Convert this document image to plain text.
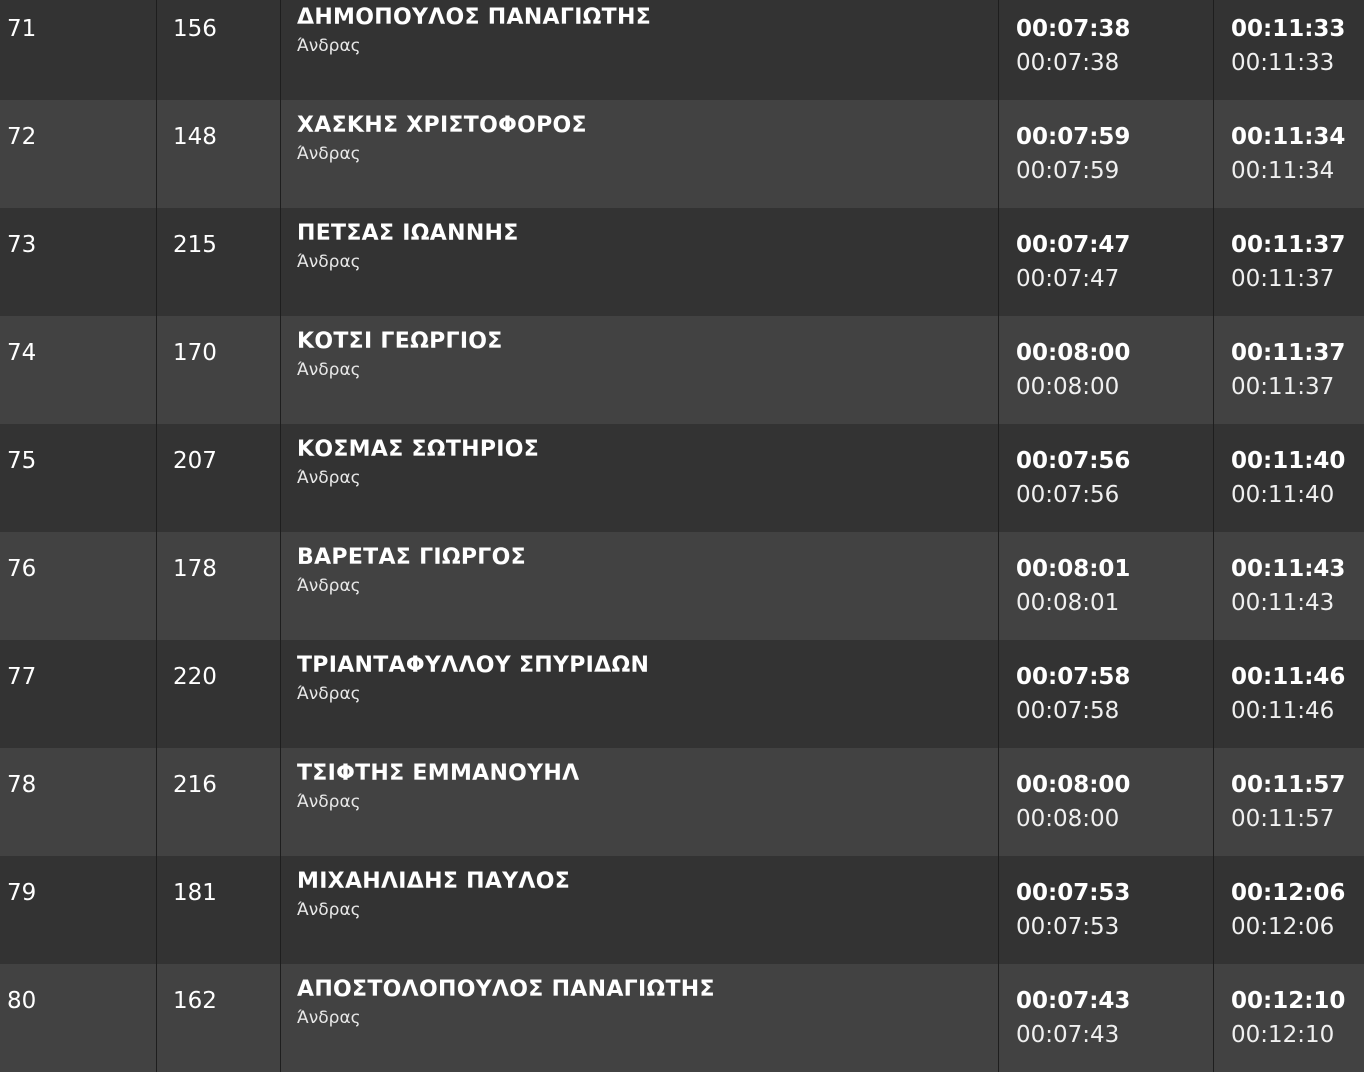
71	156	ΔΗΜΟΠΟΥΛΟΣ ΠΑΝΑΓΙΩΤΗΣ
Άνδρας
00:07:38
00:07:38
00:11:33
00:11:33
72	148	ΧΑΣΚΗΣ ΧΡΙΣΤΟΦΟΡΟΣ
Άνδρας
00:07:59
00:07:59
00:11:34
00:11:34
73	215	ΠΕΤΣΑΣ ΙΩΑΝΝΗΣ
Άνδρας
00:07:47
00:07:47
00:11:37
00:11:37
74	170	ΚΟΤΣΙ ΓΕΩΡΓΙΟΣ
Άνδρας
00:08:00
00:08:00
00:11:37
00:11:37
75	207	ΚΟΣΜΑΣ ΣΩΤΗΡΙΟΣ
Άνδρας
00:07:56
00:07:56
00:11:40
00:11:40
76	178	ΒΑΡΕΤΑΣ ΓΙΩΡΓΟΣ
Άνδρας
00:08:01
00:08:01
00:11:43
00:11:43
77	220	ΤΡΙΑΝΤΑΦΥΛΛΟΥ ΣΠΥΡΙΔΩΝ
Άνδρας
00:07:58
00:07:58
00:11:46
00:11:46
78	216	ΤΣΙΦΤΗΣ ΕΜΜΑΝΟΥΗΛ
Άνδρας
00:08:00
00:08:00
00:11:57
00:11:57
79	181	ΜΙΧΑΗΛΙΔΗΣ ΠΑΥΛΟΣ
Άνδρας
00:07:53
00:07:53
00:12:06
00:12:06
80	162	ΑΠΟΣΤΟΛΟΠΟΥΛΟΣ ΠΑΝΑΓΙΩΤΗΣ
Άνδρας
00:07:43
00:07:43
00:12:10
00:12:10
